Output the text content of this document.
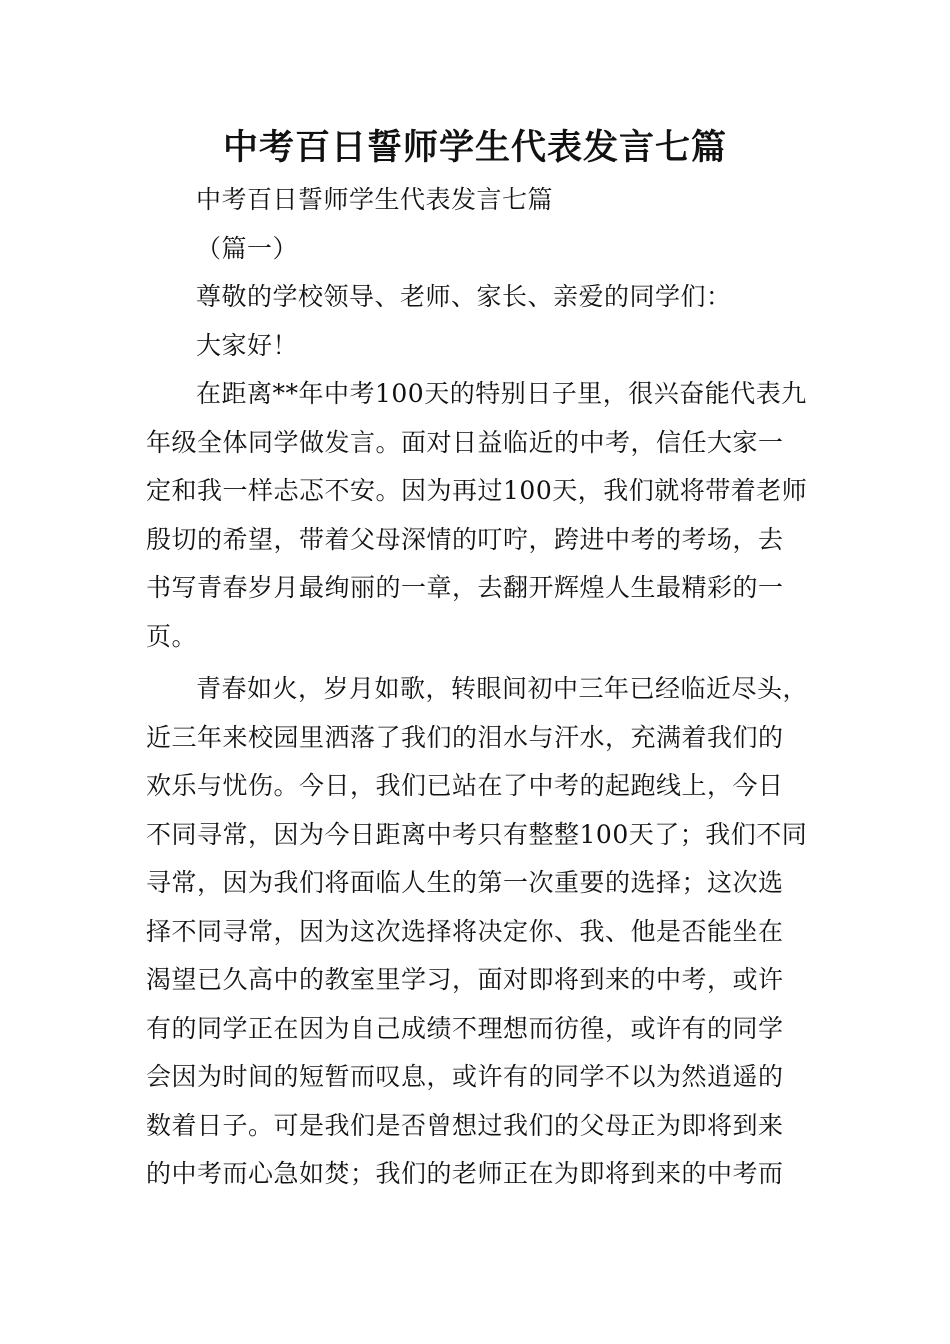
中考百日誓师学生代表发言七篇
中考百日誓师学生代表发言七篇
（篇一）
尊敬的学校领导、老师、家长、亲爱的同学们：
大家好！
在距离**年中考100天的特别日子里，很兴奋能代表九
年级全体同学做发言。面对日益临近的中考，信任大家一
定和我一样忐忑不安。因为再过100天，我们就将带着老师
殷切的希望，带着父母深情的叮咛，跨进中考的考场，去
书写青春岁月最绚丽的一章，去翻开辉煌人生最精彩的一
页。
青春如火，岁月如歌，转眼间初中三年已经临近尽头，
近三年来校园里洒落了我们的泪水与汗水，充满着我们的
欢乐与忧伤。今日，我们已站在了中考的起跑线上，今日
不同寻常，因为今日距离中考只有整整100天了；我们不同
寻常，因为我们将面临人生的第一次重要的选择；这次选
择不同寻常，因为这次选择将决定你、我、他是否能坐在
渴望已久高中的教室里学习，面对即将到来的中考，或许
有的同学正在因为自己成绩不理想而彷徨，或许有的同学
会因为时间的短暂而叹息，或许有的同学不以为然逍遥的
数着日子。可是我们是否曾想过我们的父母正为即将到来
的中考而心急如焚；我们的老师正在为即将到来的中考而
